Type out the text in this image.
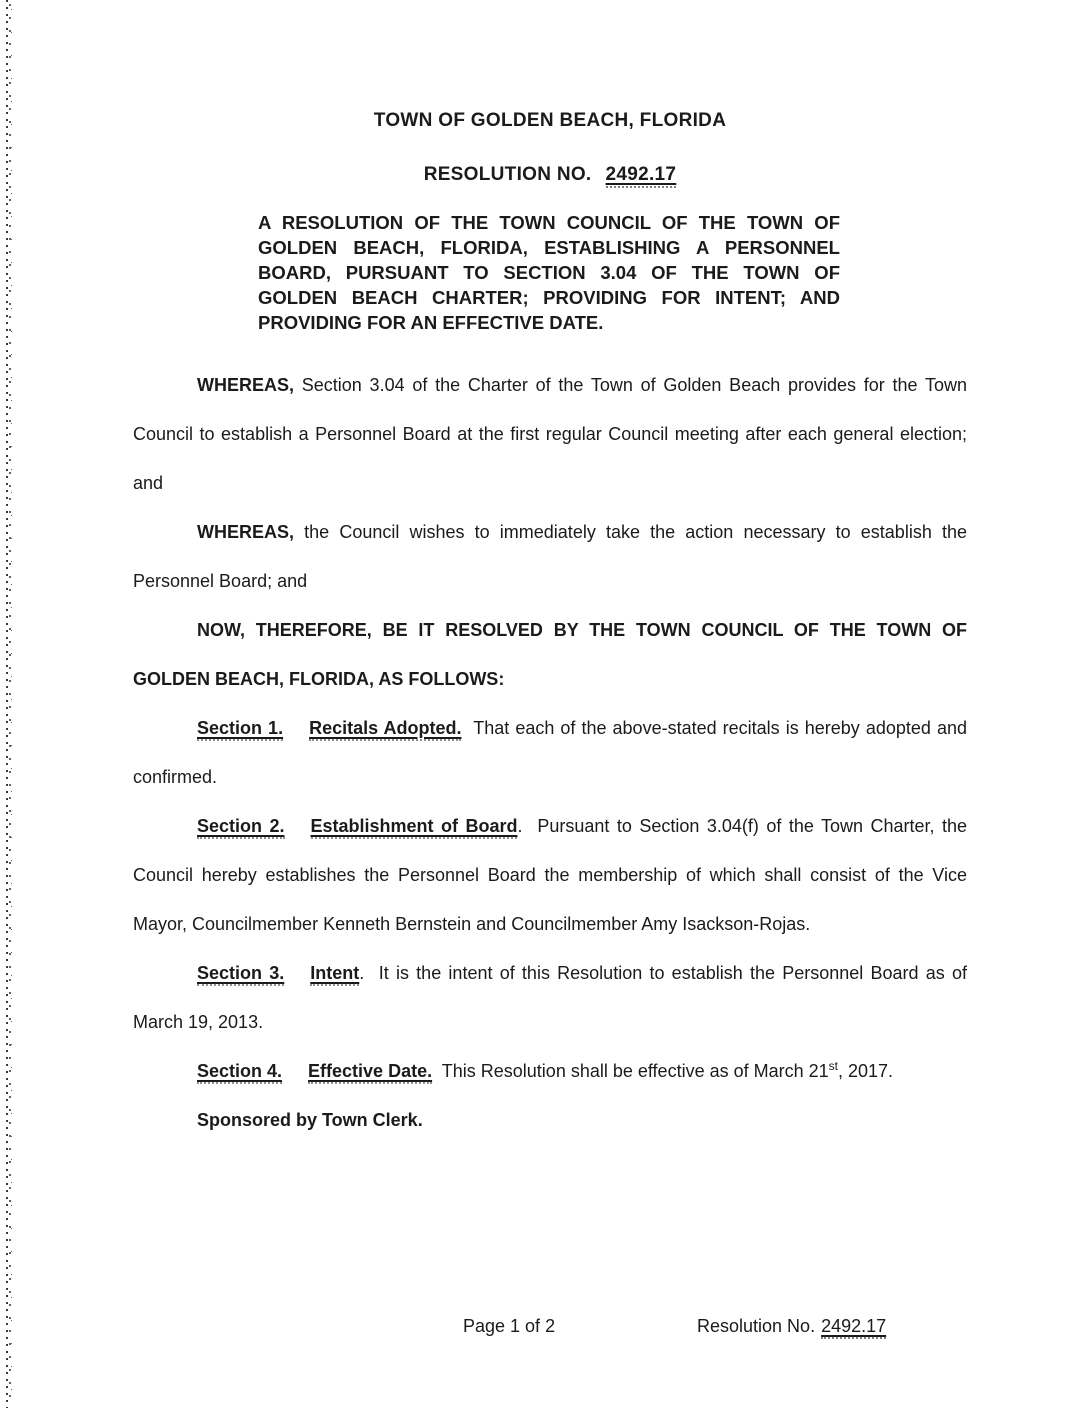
TOWN OF GOLDEN BEACH, FLORIDA
RESOLUTION NO. 2492.17

A RESOLUTION OF THE TOWN COUNCIL OF THE TOWN OF GOLDEN BEACH, FLORIDA, ESTABLISHING A PERSONNEL BOARD, PURSUANT TO SECTION 3.04 OF THE TOWN OF GOLDEN BEACH CHARTER; PROVIDING FOR INTENT; AND PROVIDING FOR AN EFFECTIVE DATE.

WHEREAS, Section 3.04 of the Charter of the Town of Golden Beach provides for the Town Council to establish a Personnel Board at the first regular Council meeting after each general election; and

WHEREAS, the Council wishes to immediately take the action necessary to establish the Personnel Board; and

NOW, THEREFORE, BE IT RESOLVED BY THE TOWN COUNCIL OF THE TOWN OF GOLDEN BEACH, FLORIDA, AS FOLLOWS:

Section 1. Recitals Adopted.  That each of the above-stated recitals is hereby adopted and confirmed.

Section 2. Establishment of Board.  Pursuant to Section 3.04(f) of the Town Charter, the Council hereby establishes the Personnel Board the membership of which shall consist of the Vice Mayor, Councilmember Kenneth Bernstein and Councilmember Amy Isackson-Rojas.

Section 3. Intent.  It is the intent of this Resolution to establish the Personnel Board as of March 19, 2013.

Section 4. Effective Date.  This Resolution shall be effective as of March 21st, 2017.

Sponsored by Town Clerk.

Page 1 of 2	Resolution No. 2492.17
